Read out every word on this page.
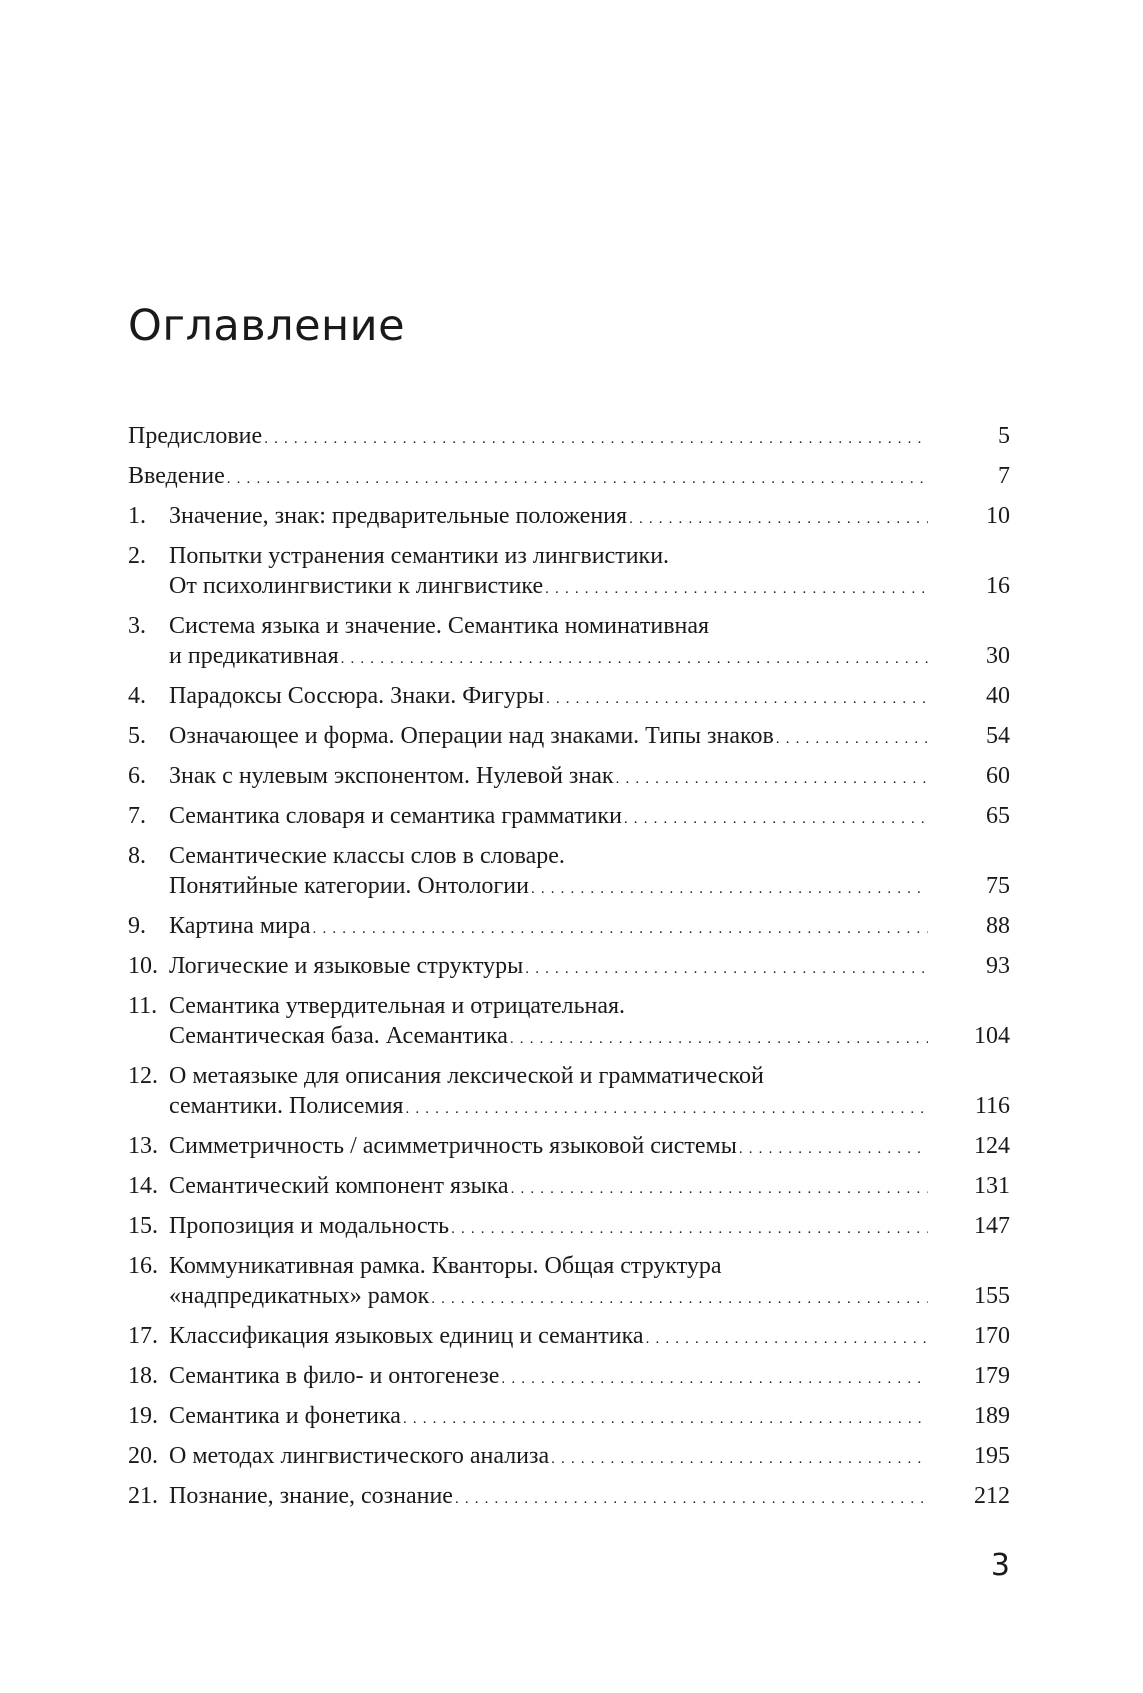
Оглавление
Предисловие . . .	5
Введение . . .	7
1. Значение, знак: предварительные положения . . .	10
2. Попытки устранения семантики из лингвистики.
От психолингвистики к лингвистике . . .	16
3. Система языка и значение. Семантика номинативная
и предикативная . . .	30
4. Парадоксы Соссюра. Знаки. Фигуры . . .	40
5. Означающее и форма. Операции над знаками. Типы знаков . . .	54
6. Знак с нулевым экспонентом. Нулевой знак . . .	60
7. Семантика словаря и семантика грамматики . . .	65
8. Семантические классы слов в словаре.
Понятийные категории. Онтологии . . .	75
9. Картина мира . . .	88
10. Логические и языковые структуры . . .	93
11. Семантика утвердительная и отрицательная.
Семантическая база. Асемантика . . .	104
12. О метаязыке для описания лексической и грамматической
семантики. Полисемия . . .	116
13. Симметричность / асимметричность языковой системы . . .	124
14. Семантический компонент языка . . .	131
15. Пропозиция и модальность . . .	147
16. Коммуникативная рамка. Кванторы. Общая структура
«надпредикатных» рамок . . .	155
17. Классификация языковых единиц и семантика . . .	170
18. Семантика в фило- и онтогенезе . . .	179
19. Семантика и фонетика . . .	189
20. О методах лингвистического анализа . . .	195
21. Познание, знание, сознание . . .	212

3
